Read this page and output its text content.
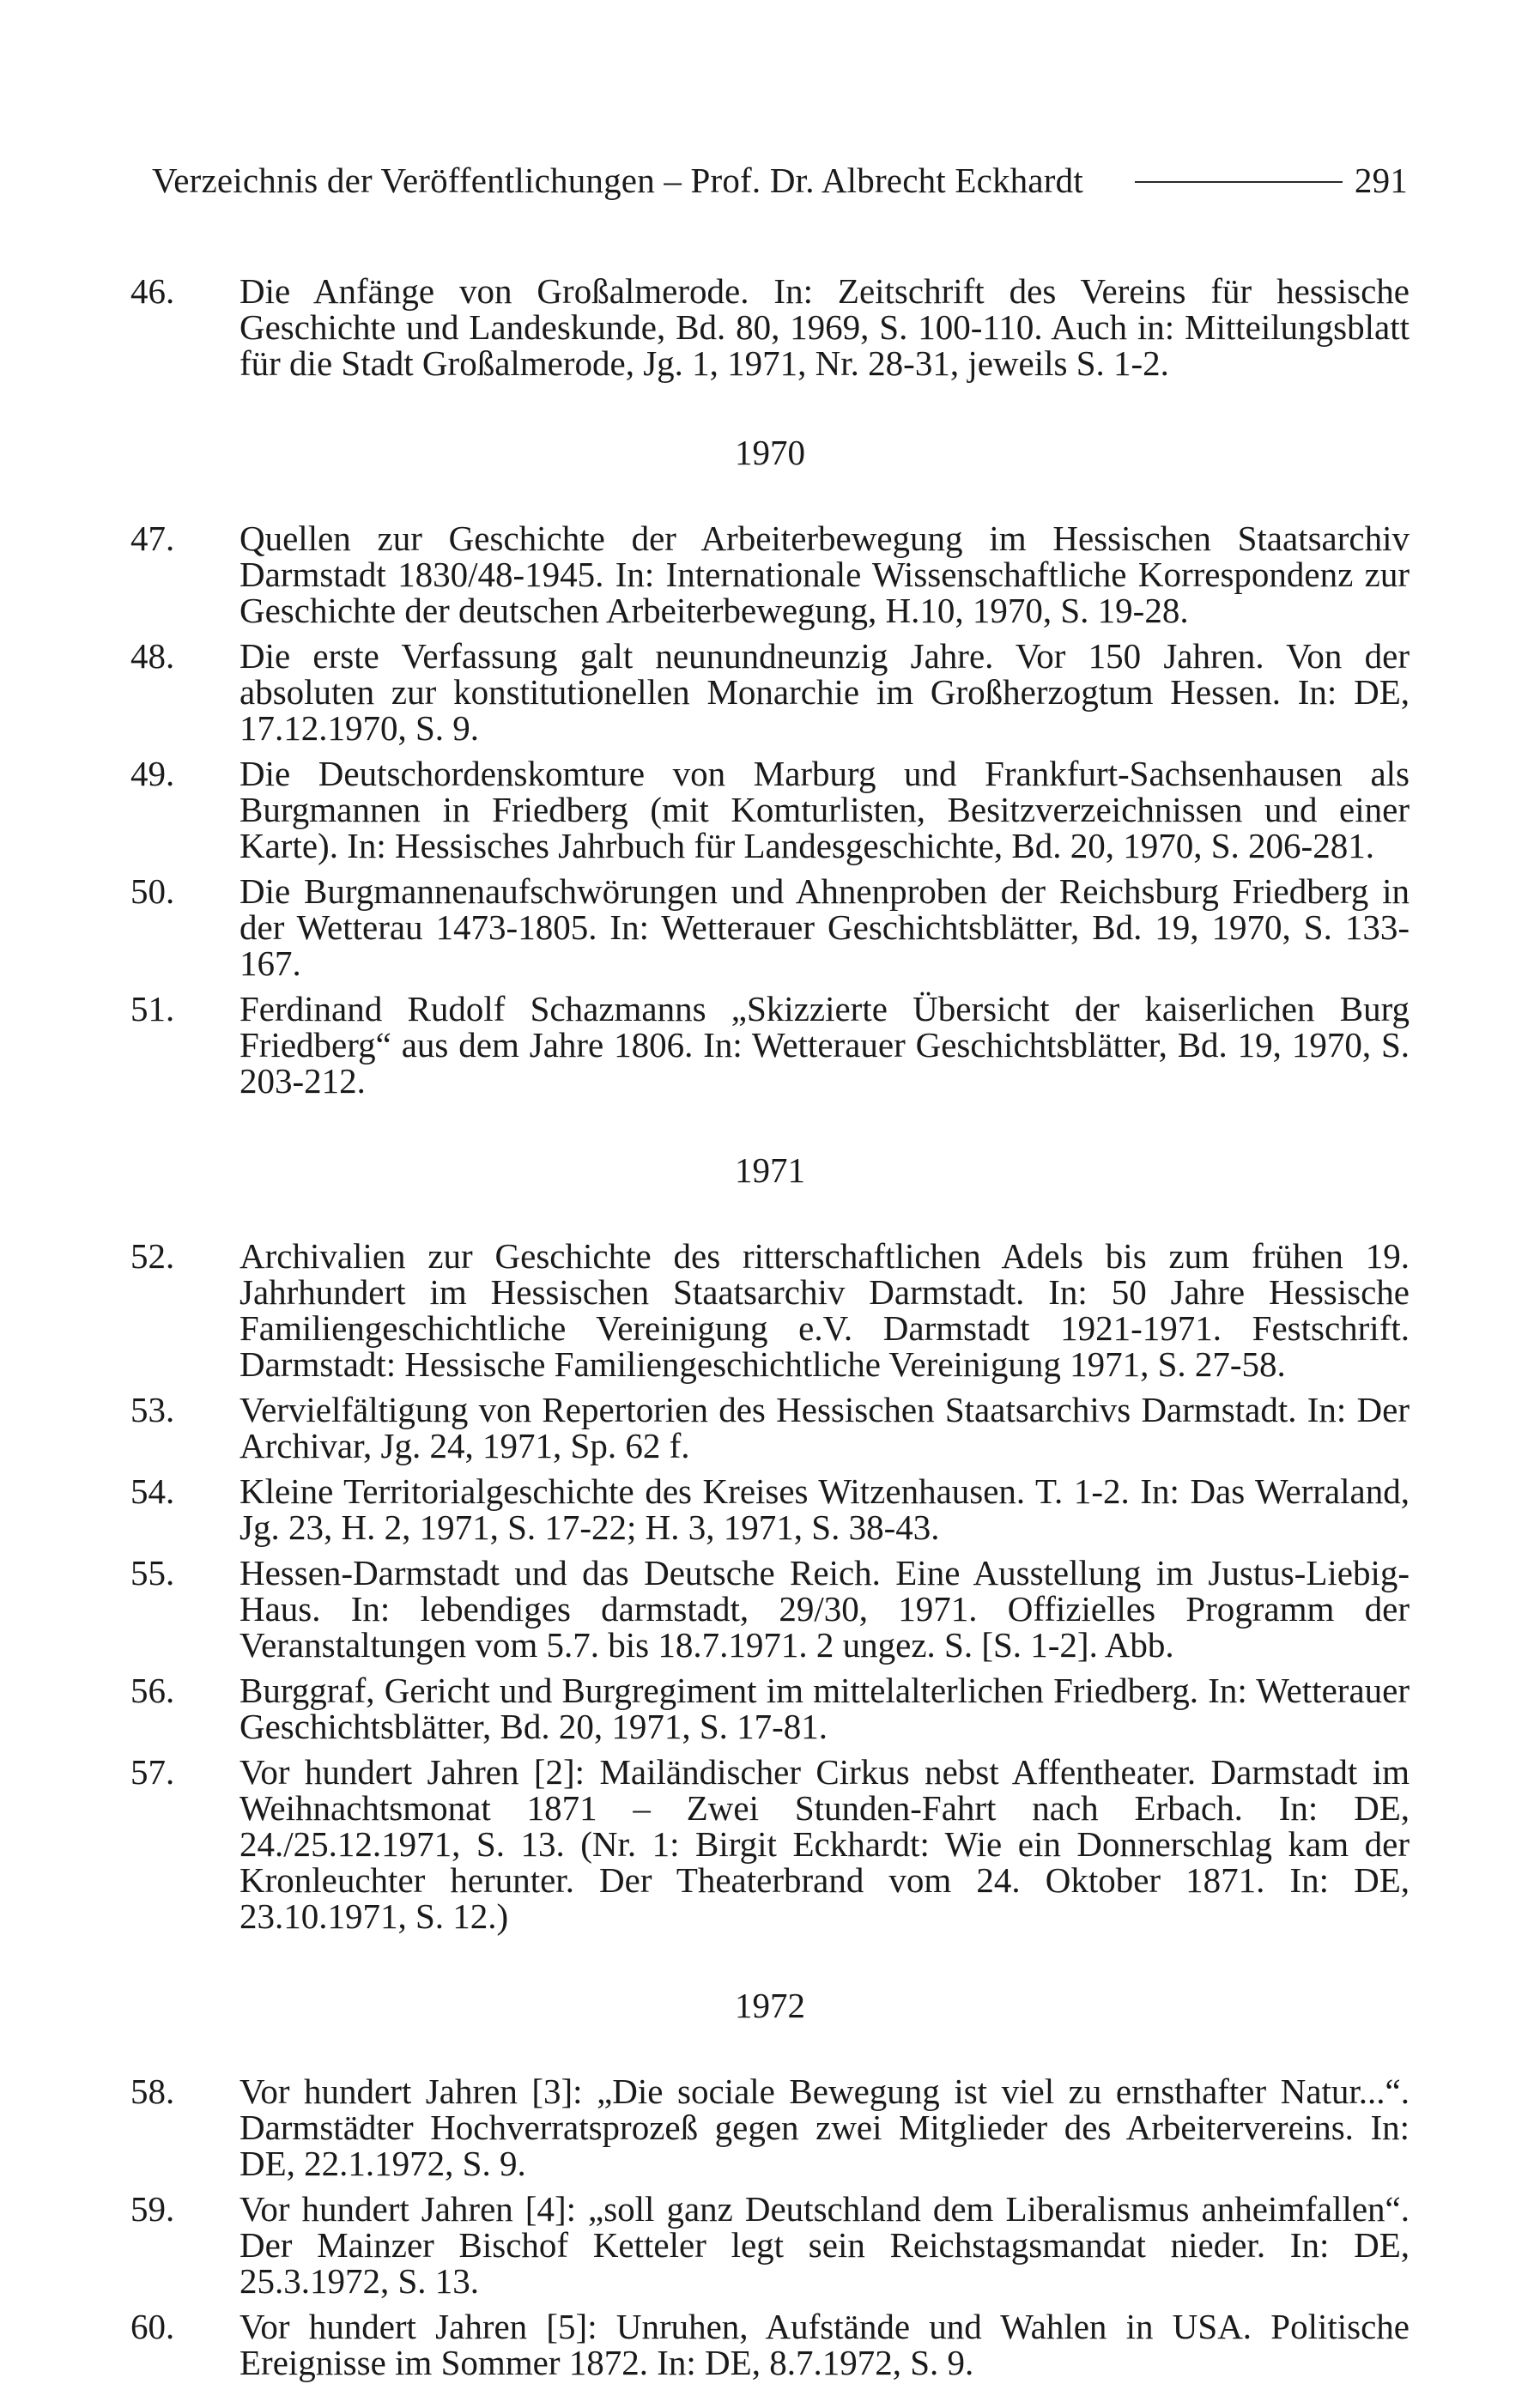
Verzeichnis der Veröffentlichungen – Prof. Dr. Albrecht Eckhardt	291
46.	Die Anfänge von Großalmerode. In: Zeitschrift des Vereins für hessische Geschichte und Landeskunde, Bd. 80, 1969, S. 100-110. Auch in: Mitteilungsblatt für die Stadt Großalmerode, Jg. 1, 1971, Nr. 28-31, jeweils S. 1-2.
1970
47.	Quellen zur Geschichte der Arbeiterbewegung im Hessischen Staatsarchiv Darmstadt 1830/48-1945. In: Internationale Wissenschaftliche Korrespondenz zur Geschichte der deutschen Arbeiterbewegung, H.10, 1970, S. 19-28.
48.	Die erste Verfassung galt neunundneunzig Jahre. Vor 150 Jahren. Von der absoluten zur konstitutionellen Monarchie im Großherzogtum Hessen. In: DE, 17.12.1970, S. 9.
49.	Die Deutschordenskomture von Marburg und Frankfurt-Sachsenhausen als Burgmannen in Friedberg (mit Komturlisten, Besitzverzeichnissen und einer Karte). In: Hessisches Jahrbuch für Landesgeschichte, Bd. 20, 1970, S. 206-281.
50.	Die Burgmannenaufschwörungen und Ahnenproben der Reichsburg Friedberg in der Wetterau 1473-1805. In: Wetterauer Geschichtsblätter, Bd. 19, 1970, S. 133-167.
51.	Ferdinand Rudolf Schazmanns „Skizzierte Übersicht der kaiserlichen Burg Friedberg“ aus dem Jahre 1806. In: Wetterauer Geschichtsblätter, Bd. 19, 1970, S. 203-212.
1971
52.	Archivalien zur Geschichte des ritterschaftlichen Adels bis zum frühen 19. Jahrhundert im Hessischen Staatsarchiv Darmstadt. In: 50 Jahre Hessische Familiengeschichtliche Vereinigung e.V. Darmstadt 1921-1971. Festschrift. Darmstadt: Hessische Familiengeschichtliche Vereinigung 1971, S. 27-58.
53.	Vervielfältigung von Repertorien des Hessischen Staatsarchivs Darmstadt. In: Der Archivar, Jg. 24, 1971, Sp. 62 f.
54.	Kleine Territorialgeschichte des Kreises Witzenhausen. T. 1-2. In: Das Werraland, Jg. 23, H. 2, 1971, S. 17-22; H. 3, 1971, S. 38-43.
55.	Hessen-Darmstadt und das Deutsche Reich. Eine Ausstellung im Justus-Liebig-Haus. In: lebendiges darmstadt, 29/30, 1971. Offizielles Programm der Veranstaltungen vom 5.7. bis 18.7.1971. 2 ungez. S. [S. 1-2]. Abb.
56.	Burggraf, Gericht und Burgregiment im mittelalterlichen Friedberg. In: Wetterauer Geschichtsblätter, Bd. 20, 1971, S. 17-81.
57.	Vor hundert Jahren [2]: Mailändischer Cirkus nebst Affentheater. Darmstadt im Weihnachtsmonat 1871 – Zwei Stunden-Fahrt nach Erbach. In: DE, 24./25.12.1971, S. 13. (Nr. 1: Birgit Eckhardt: Wie ein Donnerschlag kam der Kronleuchter herunter. Der Theaterbrand vom 24. Oktober 1871. In: DE, 23.10.1971, S. 12.)
1972
58.	Vor hundert Jahren [3]: „Die sociale Bewegung ist viel zu ernsthafter Natur...“. Darmstädter Hochverratsprozeß gegen zwei Mitglieder des Arbeitervereins. In: DE, 22.1.1972, S. 9.
59.	Vor hundert Jahren [4]: „soll ganz Deutschland dem Liberalismus anheimfallen“. Der Mainzer Bischof Ketteler legt sein Reichstagsmandat nieder. In: DE, 25.3.1972, S. 13.
60.	Vor hundert Jahren [5]: Unruhen, Aufstände und Wahlen in USA. Politische Ereignisse im Sommer 1872. In: DE, 8.7.1972, S. 9.
